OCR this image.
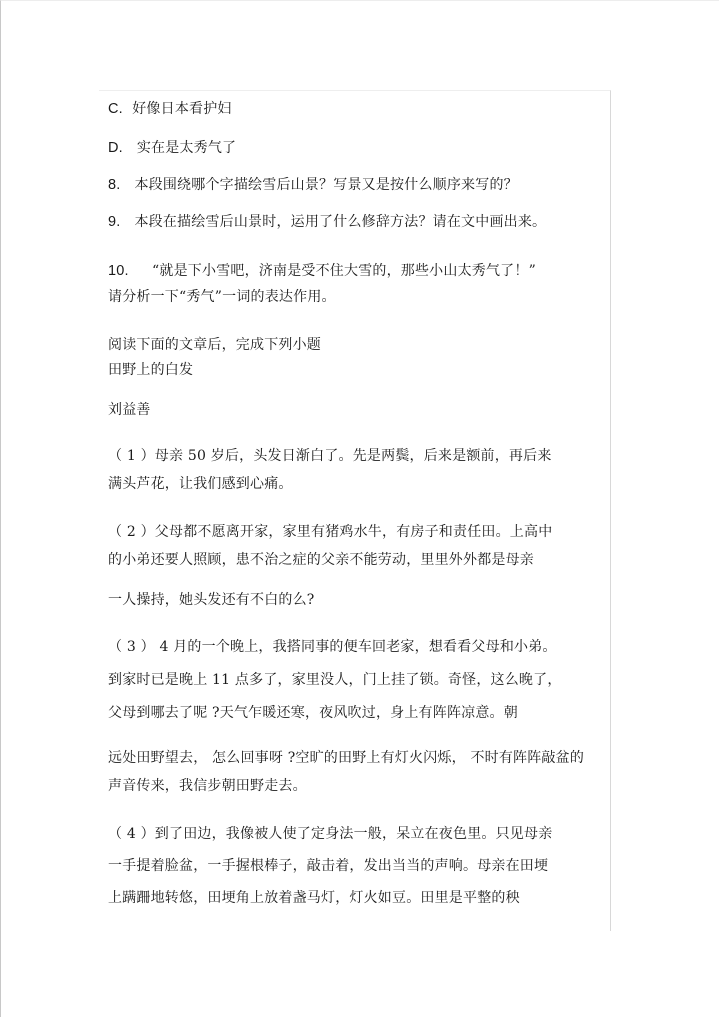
C. 好像日本看护妇
D. 实在是太秀气了
8. 本段围绕哪个字描绘雪后山景？写景又是按什么顺序来写的？
9. 本段在描绘雪后山景时，运用了什么修辞方法？请在文中画出来。
10. “就是下小雪吧，济南是受不住大雪的，那些小山太秀气了！”
请分析一下“秀气”一词的表达作用。
阅读下面的文章后，完成下列小题
田野上的白发
刘益善
（ 1 ）母亲 50 岁后，头发日渐白了。先是两鬓，后来是额前，再后来
满头芦花，让我们感到心痛。
（ 2 ）父母都不愿离开家，家里有猪鸡水牛，有房子和责任田。上高中
的小弟还要人照顾，患不治之症的父亲不能劳动，里里外外都是母亲
一人操持，她头发还有不白的么?
（ 3 ） 4 月的一个晚上，我搭同事的便车回老家，想看看父母和小弟。
到家时已是晚上 11 点多了，家里没人，门上挂了锁。奇怪，这么晚了，
父母到哪去了呢 ?天气乍暖还寒，夜风吹过，身上有阵阵凉意。朝
远处田野望去， 怎么回事呀 ?空旷的田野上有灯火闪烁， 不时有阵阵敲盆的
声音传来，我信步朝田野走去。
（ 4 ）到了田边，我像被人使了定身法一般，呆立在夜色里。只见母亲
一手提着脸盆，一手握根棒子，敲击着，发出当当的声响。母亲在田埂
上蹒跚地转悠，田埂角上放着盏马灯，灯火如豆。田里是平整的秧
